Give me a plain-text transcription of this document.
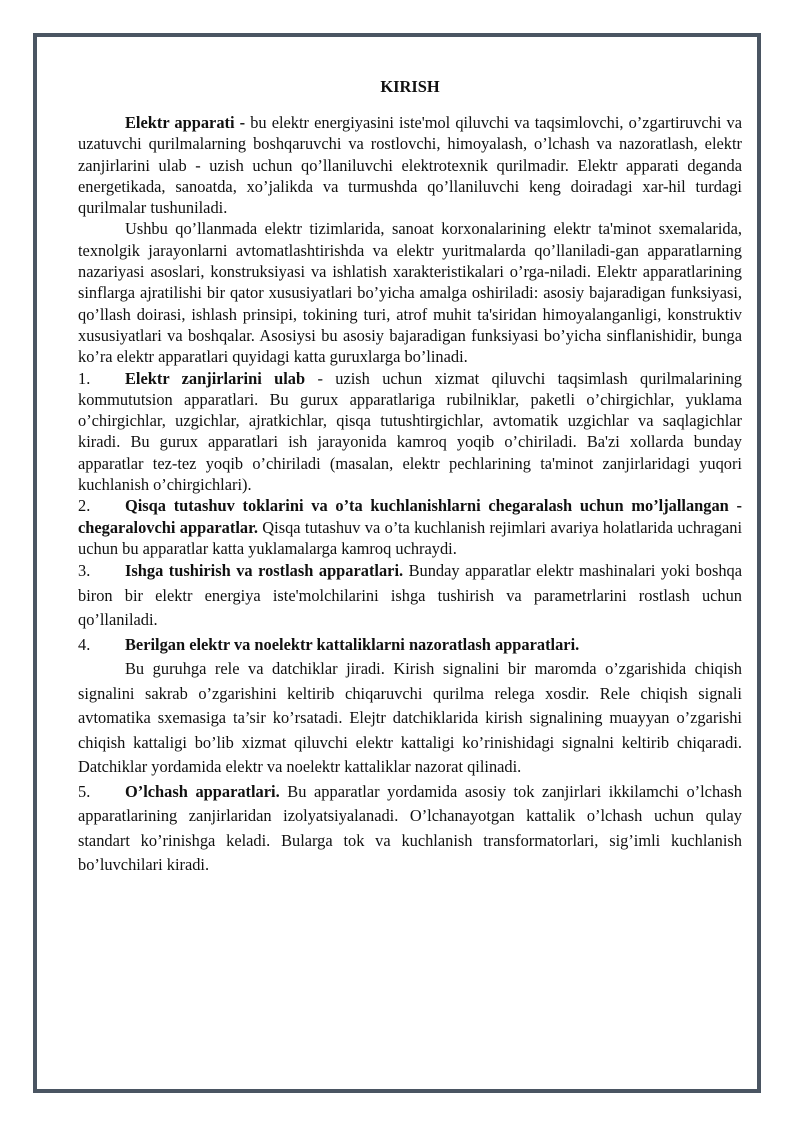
KIRISH

Elektr apparati - bu elektr energiyasini iste'mol qiluvchi va taqsimlovchi, o’zgartiruvchi va uzatuvchi qurilmalarning boshqaruvchi va rostlovchi, himoyalash, o’lchash va nazoratlash, elektr zanjirlarini ulab - uzish uchun qo’llaniluvchi elektrotexnik qurilmadir. Elektr apparati deganda energetikada, sanoatda, xo’jalikda va turmushda qo’llaniluvchi keng doiradagi xar-hil turdagi qurilmalar tushuniladi.

Ushbu qo’llanmada elektr tizimlarida, sanoat korxonalarining elektr ta'minot sxemalarida, texnolgik jarayonlarni avtomatlashtirishda va elektr yuritmalarda qo’llaniladi-gan apparatlarning nazariyasi asoslari, konstruksiyasi va ishlatish xarakteristikalari o’rga-niladi. Elektr apparatlarining sinflarga ajratilishi bir qator xususiyatlari bo’yicha amalga oshiriladi: asosiy bajaradigan funksiyasi, qo’llash doirasi, ishlash prinsipi, tokining turi, atrof muhit ta'siridan himoyalanganligi, konstruktiv xususiyatlari va boshqalar. Asosiysi bu asosiy bajaradigan funksiyasi bo’yicha sinflanishidir, bunga ko’ra elektr apparatlari quyidagi katta guruxlarga bo’linadi.

1. Elektr zanjirlarini ulab - uzish uchun xizmat qiluvchi taqsimlash qurilmalarining kommututsion apparatlari. Bu gurux apparatlariga rubilniklar, paketli o’chirgichlar, yuklama o’chirgichlar, uzgichlar, ajratkichlar, qisqa tutushtirgichlar, avtomatik uzgichlar va saqlagichlar kiradi. Bu gurux apparatlari ish jarayonida kamroq yoqib o’chiriladi. Ba'zi xollarda bunday apparatlar tez-tez yoqib o’chiriladi (masalan, elektr pechlarining ta'minot zanjirlaridagi yuqori kuchlanish o’chirgichlari).

2. Qisqa tutashuv toklarini va o’ta kuchlanishlarni chegaralash uchun mo’ljallangan - chegaralovchi apparatlar. Qisqa tutashuv va o’ta kuchlanish rejimlari avariya holatlarida uchragani uchun bu apparatlar katta yuklamalarga kamroq uchraydi.

3. Ishga tushirish va rostlash apparatlari. Bunday apparatlar elektr mashinalari yoki boshqa biron bir elektr energiya iste'molchilarini ishga tushirish va parametrlarini rostlash uchun qo’llaniladi.

4. Berilgan elektr va noelektr kattaliklarni nazoratlash apparatlari.

Bu guruhga rele va datchiklar jiradi. Kirish signalini bir maromda o’zgarishida chiqish signalini sakrab o’zgarishini keltirib chiqaruvchi qurilma relega xosdir. Rele chiqish signali avtomatika sxemasiga ta’sir ko’rsatadi. Elejtr datchiklarida kirish signalining muayyan o’zgarishi chiqish kattaligi bo’lib xizmat qiluvchi elektr kattaligi ko’rinishidagi signalni keltirib chiqaradi. Datchiklar yordamida elektr va noelektr kattaliklar nazorat qilinadi.

5. O’lchash apparatlari. Bu apparatlar yordamida asosiy tok zanjirlari ikkilamchi o’lchash apparatlarining zanjirlaridan izolyatsiyalanadi. O’lchanayotgan kattalik o’lchash uchun qulay standart ko’rinishga keladi. Bularga tok va kuchlanish transformatorlari, sig’imli kuchlanish bo’luvchilari kiradi.
